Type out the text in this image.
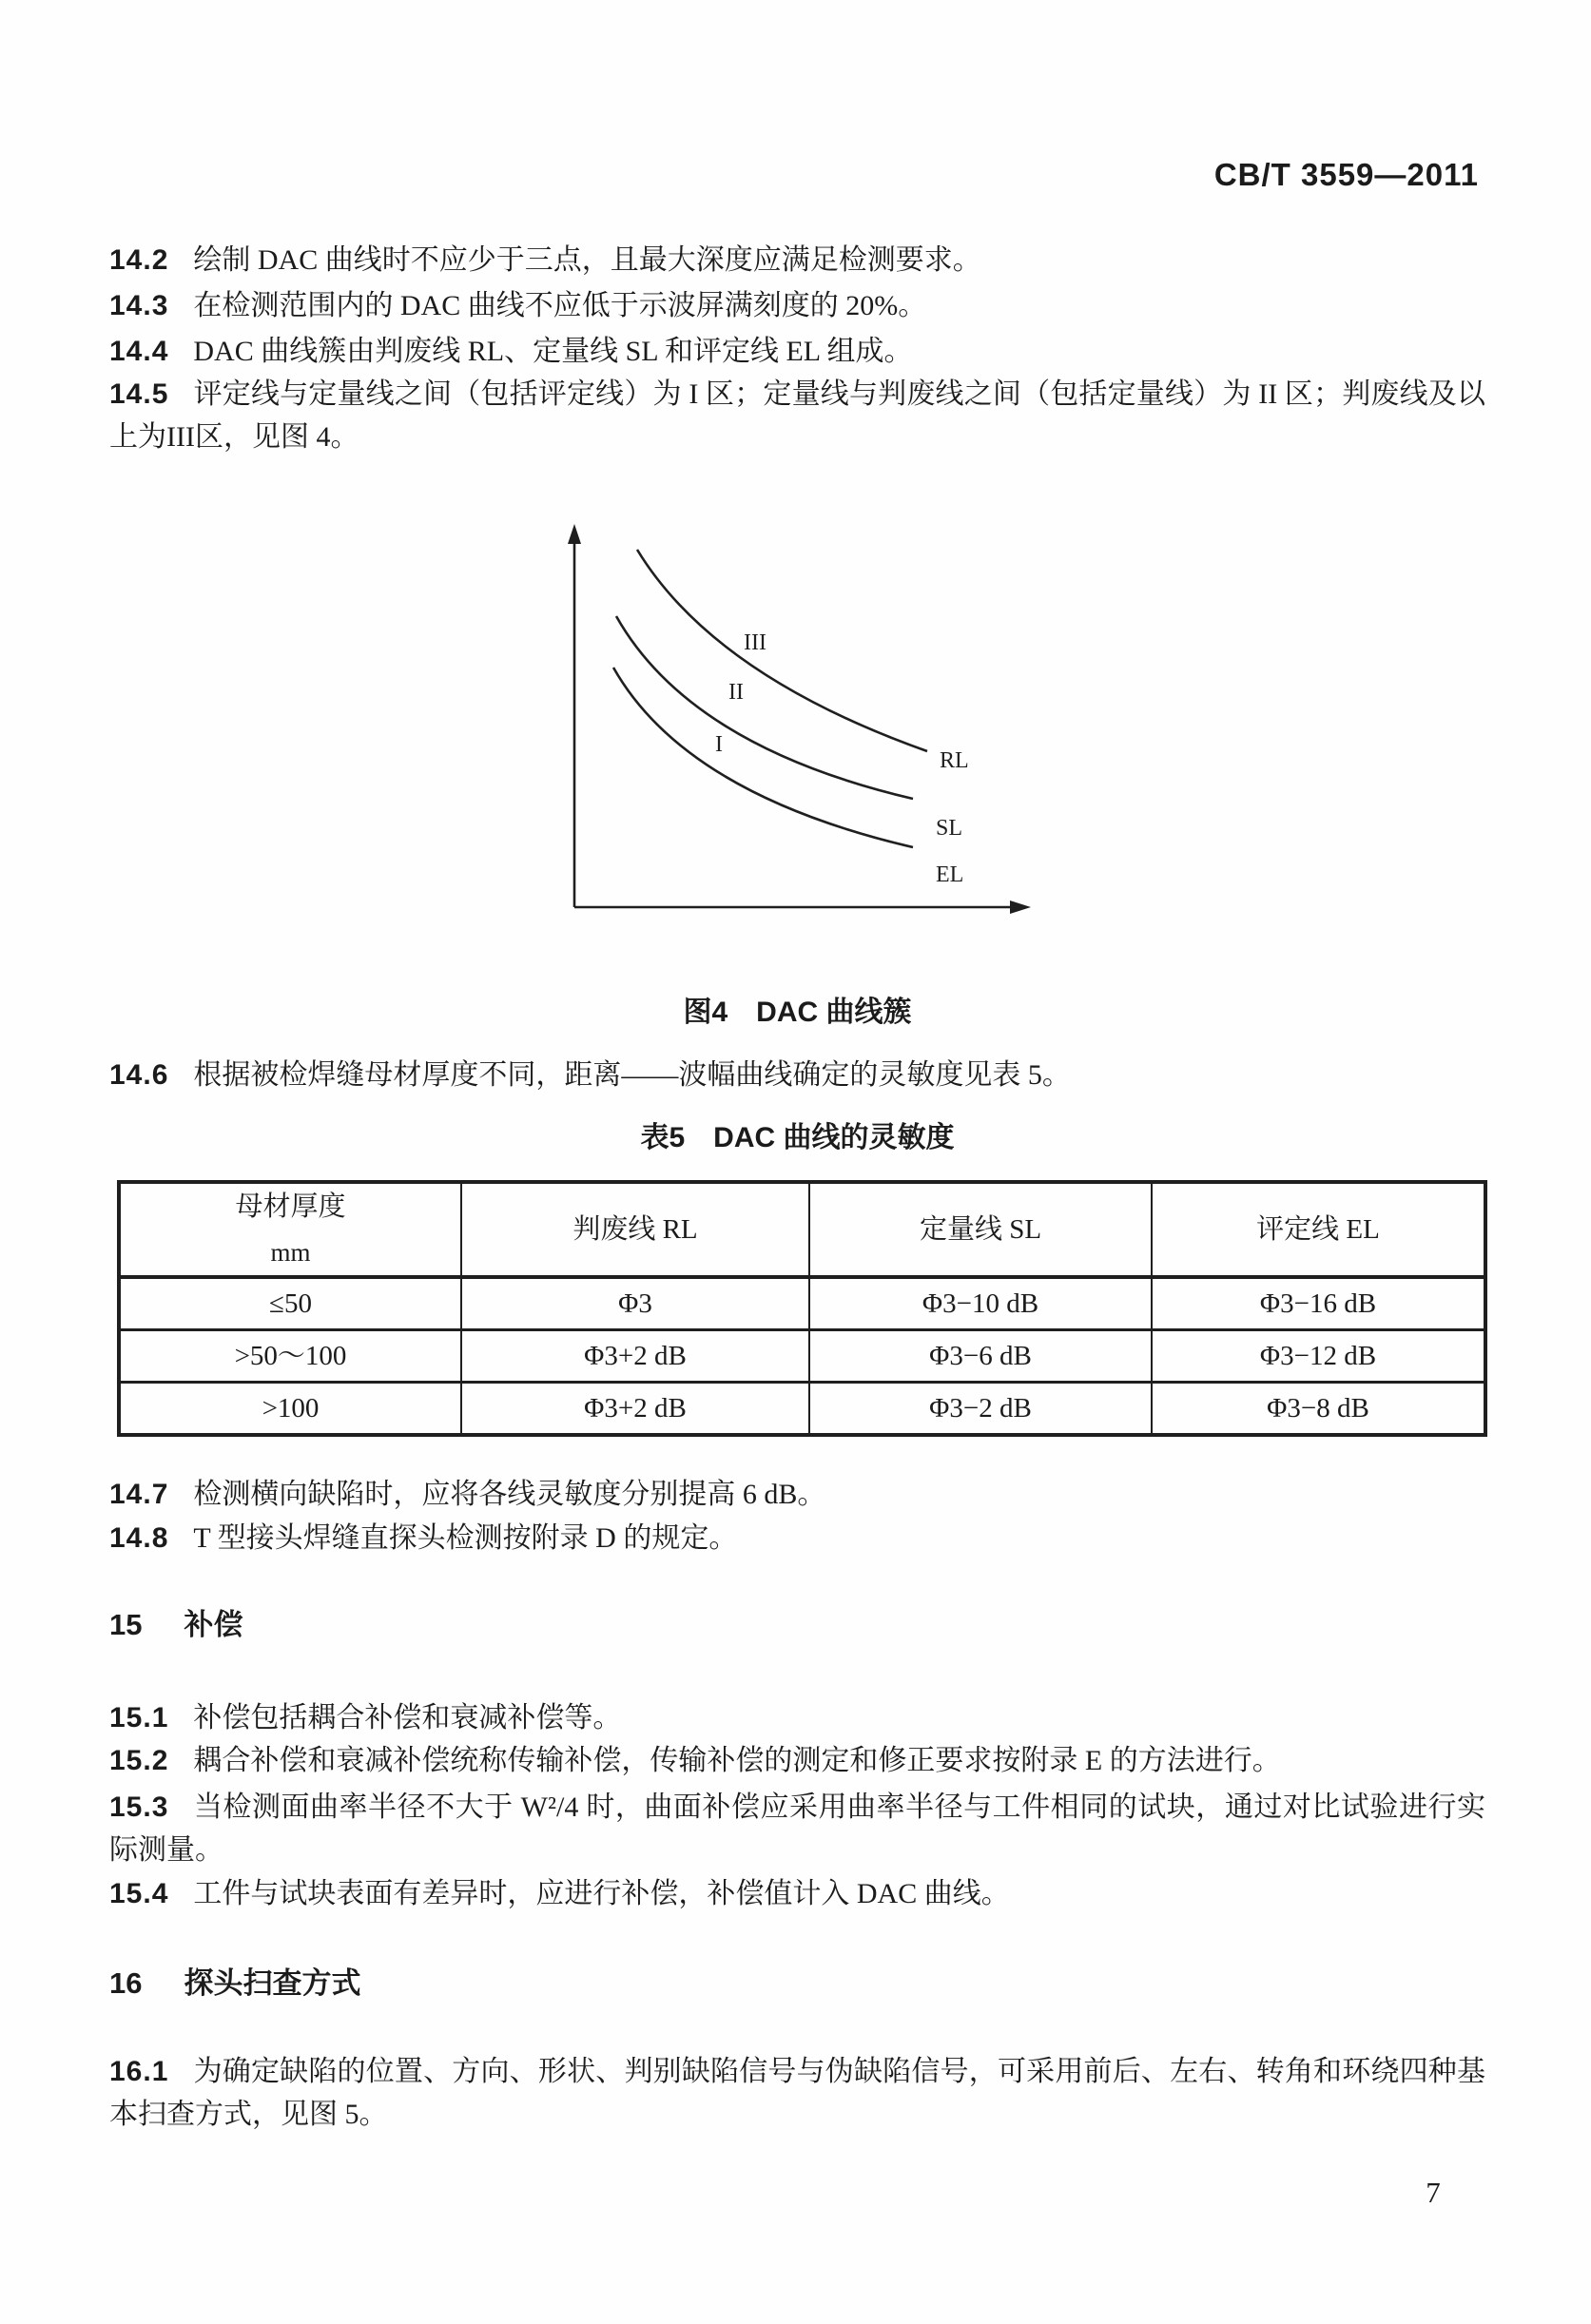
CB/T 3559—2011

14.2 绘制 DAC 曲线时不应少于三点，且最大深度应满足检测要求。

14.3 在检测范围内的 DAC 曲线不应低于示波屏满刻度的 20%。

14.4 DAC 曲线簇由判废线 RL、定量线 SL 和评定线 EL 组成。

14.5 评定线与定量线之间（包括评定线）为 I 区；定量线与判废线之间（包括定量线）为 II 区；判废线及以上为III区，见图 4。

III
II
I
RL
SL
EL

图4　DAC 曲线簇

14.6 根据被检焊缝母材厚度不同，距离——波幅曲线确定的灵敏度见表 5。

表5　DAC 曲线的灵敏度

母材厚度
mm	判废线 RL	定量线 SL	评定线 EL
≤50	Φ3	Φ3−10 dB	Φ3−16 dB
>50～100	Φ3+2 dB	Φ3−6 dB	Φ3−12 dB
>100	Φ3+2 dB	Φ3−2 dB	Φ3−8 dB

14.7 检测横向缺陷时，应将各线灵敏度分别提高 6 dB。

14.8 T 型接头焊缝直探头检测按附录 D 的规定。

15 补偿

15.1 补偿包括耦合补偿和衰减补偿等。

15.2 耦合补偿和衰减补偿统称传输补偿，传输补偿的测定和修正要求按附录 E 的方法进行。

15.3 当检测面曲率半径不大于 W²/4 时，曲面补偿应采用曲率半径与工件相同的试块，通过对比试验进行实际测量。

15.4 工件与试块表面有差异时，应进行补偿，补偿值计入 DAC 曲线。

16 探头扫查方式

16.1 为确定缺陷的位置、方向、形状、判别缺陷信号与伪缺陷信号，可采用前后、左右、转角和环绕四种基本扫查方式，见图 5。

7
